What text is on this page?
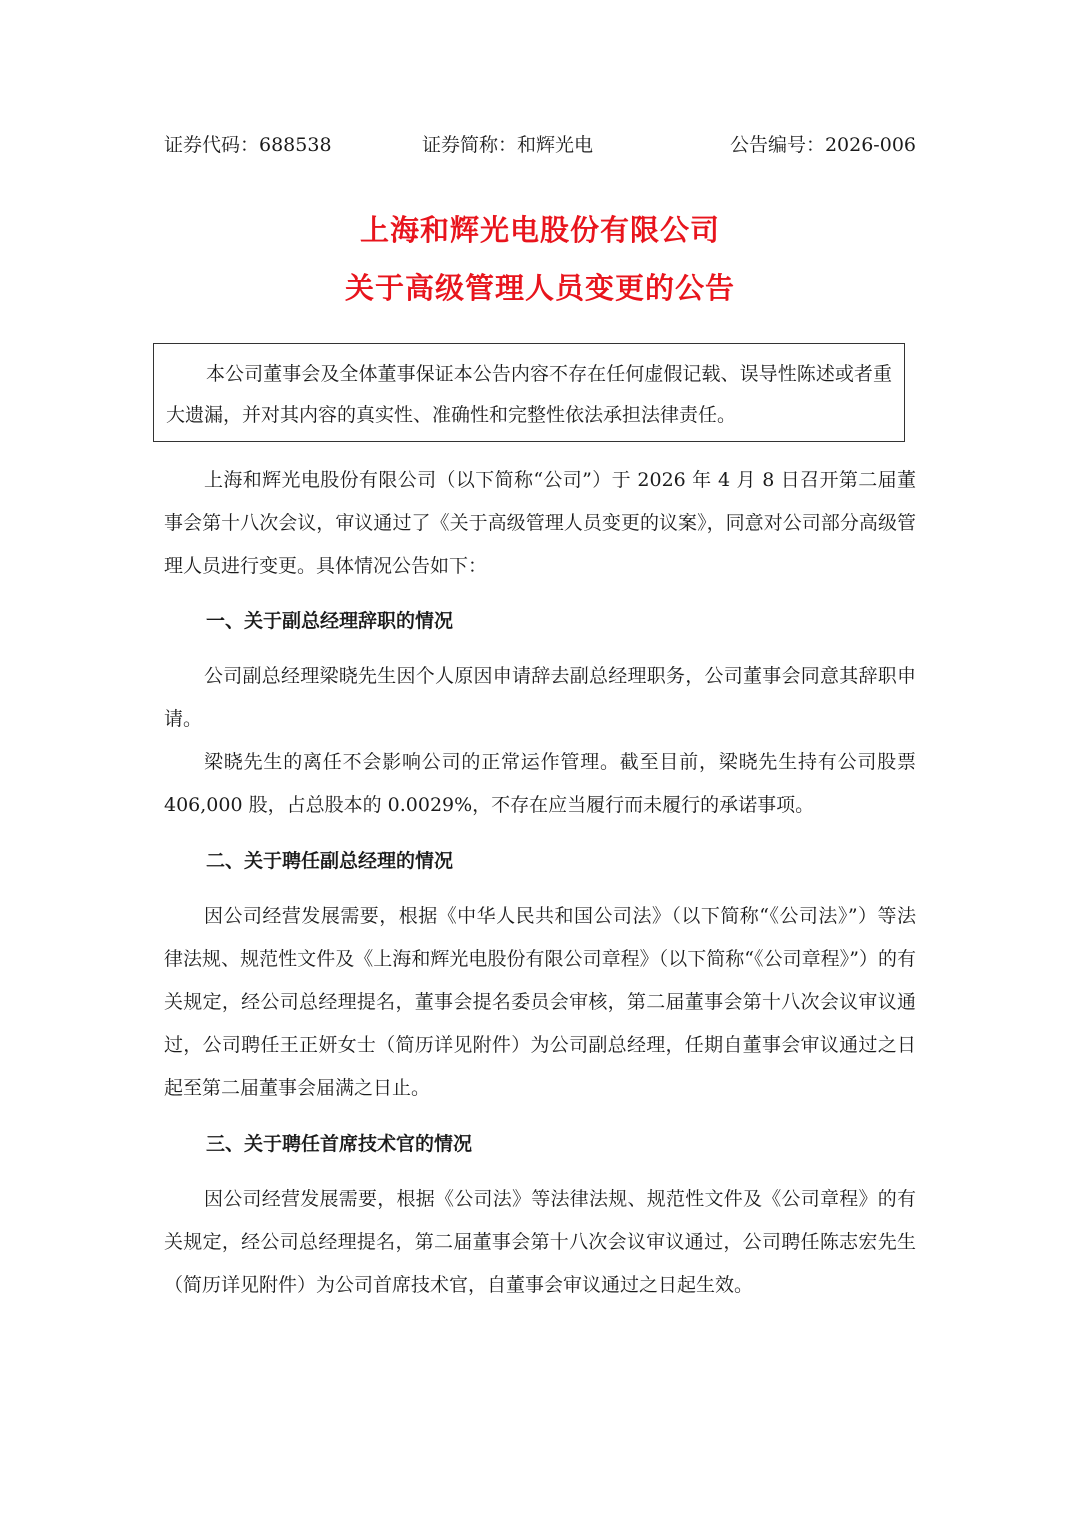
证券代码：688538	证券简称：和辉光电	公告编号：2026-006
上海和辉光电股份有限公司
关于高级管理人员变更的公告
本公司董事会及全体董事保证本公告内容不存在任何虚假记载、误导性陈述或者重大遗漏，并对其内容的真实性、准确性和完整性依法承担法律责任。

上海和辉光电股份有限公司（以下简称“公司”）于 2026 年 4 月 8 日召开第二届董事会第十八次会议，审议通过了《关于高级管理人员变更的议案》，同意对公司部分高级管理人员进行变更。具体情况公告如下：

一、关于副总经理辞职的情况

公司副总经理梁晓先生因个人原因申请辞去副总经理职务，公司董事会同意其辞职申请。

梁晓先生的离任不会影响公司的正常运作管理。截至目前，梁晓先生持有公司股票 406,000 股，占总股本的 0.0029%，不存在应当履行而未履行的承诺事项。

二、关于聘任副总经理的情况

因公司经营发展需要，根据《中华人民共和国公司法》（以下简称“《公司法》”）等法律法规、规范性文件及《上海和辉光电股份有限公司章程》（以下简称“《公司章程》”）的有关规定，经公司总经理提名，董事会提名委员会审核，第二届董事会第十八次会议审议通过，公司聘任王正妍女士（简历详见附件）为公司副总经理，任期自董事会审议通过之日起至第二届董事会届满之日止。

三、关于聘任首席技术官的情况

因公司经营发展需要，根据《公司法》等法律法规、规范性文件及《公司章程》的有关规定，经公司总经理提名，第二届董事会第十八次会议审议通过，公司聘任陈志宏先生（简历详见附件）为公司首席技术官，自董事会审议通过之日起生效。
